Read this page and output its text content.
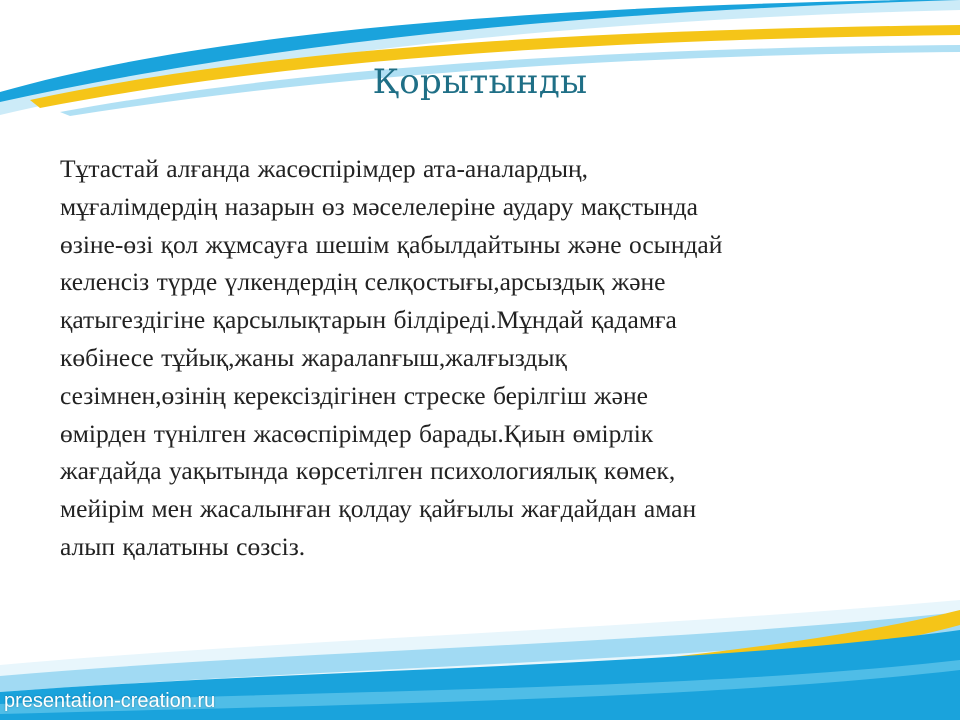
Қорытынды
Тұтастай алғанда жасөспірімдер ата-аналардың,
мұғалімдердің назарын өз мәселелеріне аудару мақстында
өзіне-өзі қол жұмсауға шешім қабылдайтыны және осындай
келенсіз түрде үлкендердің селқостығы,арсыздық және
қатыгездігіне қарсылықтарын білдіреді.Мұндай қадамға
көбінесе тұйық,жаны жаралanғыш,жалғыздық
сезімнен,өзінің керексіздігінен стреске берілгіш және
өмірден түнілген жасөспірімдер барады.Қиын өмірлік
жағдайда уақытында көрсетілген психологиялық көмек,
мейірім мен жасалынған қолдау қайғылы жағдайдан аман
алып қалатыны сөзсіз.
presentation-creation.ru
